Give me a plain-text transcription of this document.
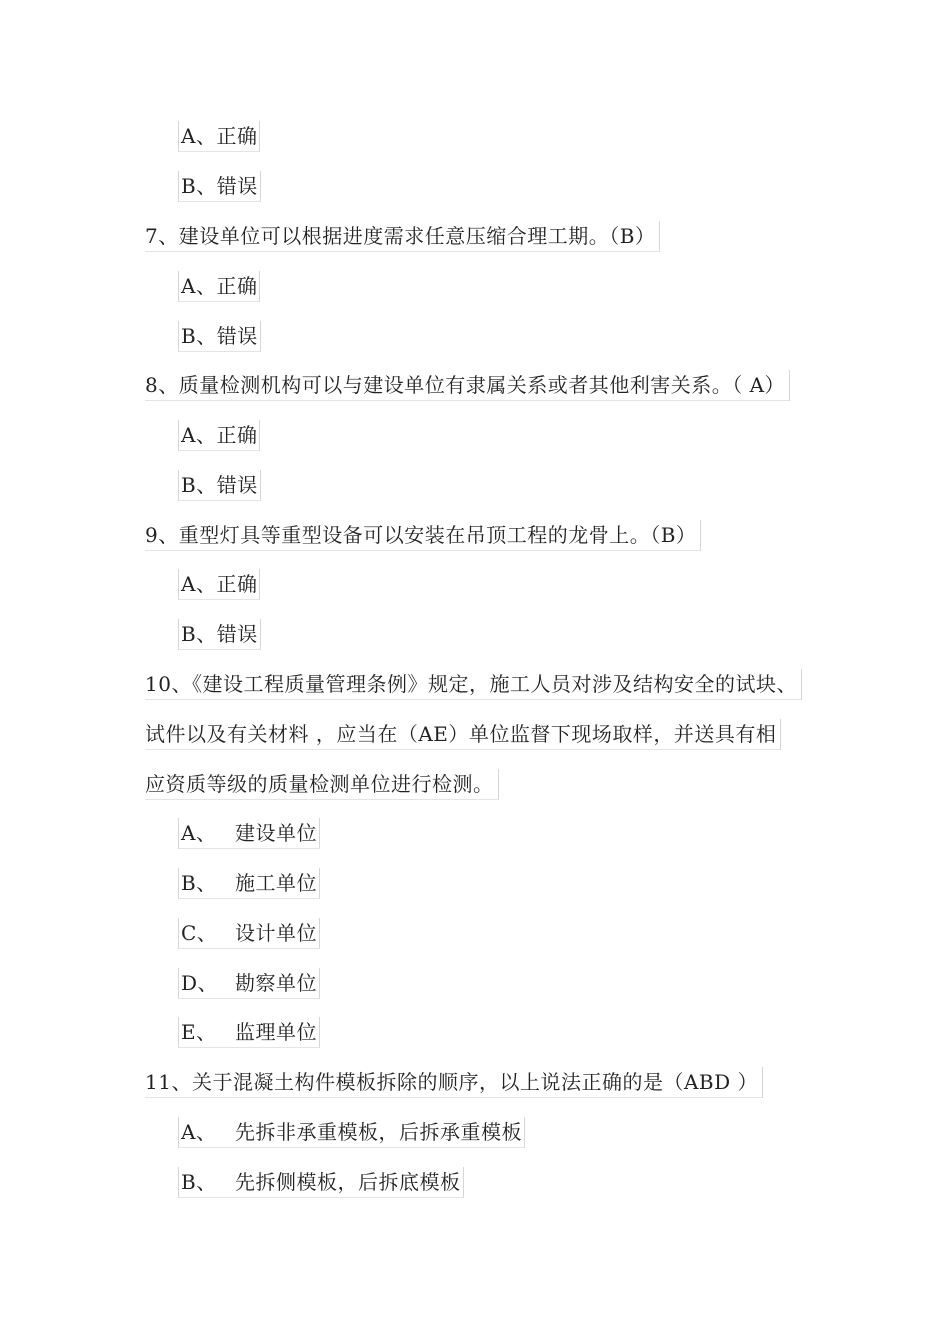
A、正确
B、错误
7、建设单位可以根据进度需求任意压缩合理工期。（B）
A、正确
B、错误
8、质量检测机构可以与建设单位有隶属关系或者其他利害关系。（ A）
A、正确
B、错误
9、重型灯具等重型设备可以安装在吊顶工程的龙骨上。（B）
A、正确
B、错误
10、《建设工程质量管理条例》规定，施工人员对涉及结构安全的试块、
试件以及有关材料 ，应当在（AE）单位监督下现场取样，并送具有相
应资质等级的质量检测单位进行检测。
A、 建设单位
B、 施工单位
C、 设计单位
D、 勘察单位
E、 监理单位
11、关于混凝土构件模板拆除的顺序，以上说法正确的是（ABD ）
A、 先拆非承重模板，后拆承重模板
B、 先拆侧模板，后拆底模板
